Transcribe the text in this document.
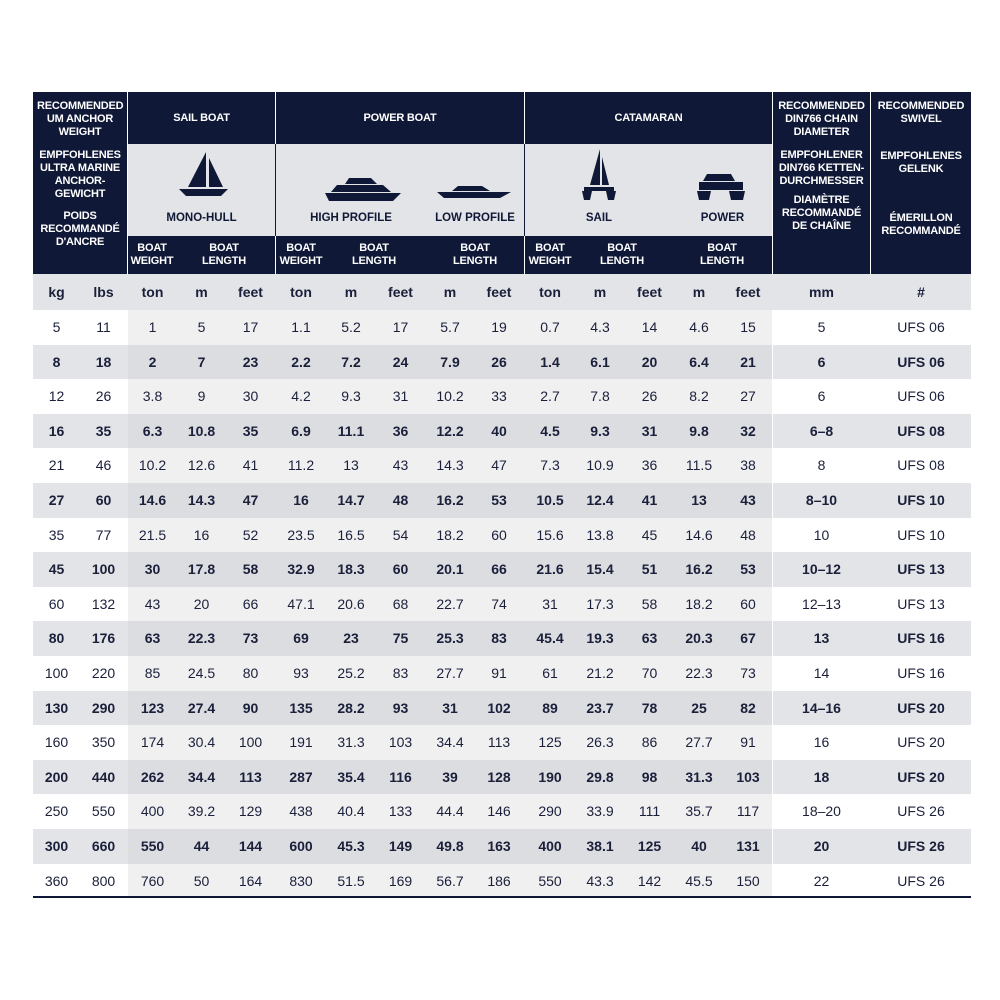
RECOMMENDED UM ANCHOR WEIGHT
EMPFOHLENES ULTRA MARINE ANCHOR-GEWICHT
POIDS RECOMMANDÉ D'ANCRE
SAIL BOAT	POWER BOAT	CATAMARAN
RECOMMENDED DIN766 CHAIN DIAMETER
EMPFOHLENER DIN766 KETTEN-DURCHMESSER
DIAMÈTRE RECOMMANDÉ DE CHAÎNE
RECOMMENDED SWIVEL
EMPFOHLENES GELENK
ÉMERILLON RECOMMANDÉ
MONO-HULL	HIGH PROFILE	LOW PROFILE	SAIL	POWER
BOAT WEIGHT
BOAT LENGTH
BOAT WEIGHT
BOAT LENGTH
BOAT LENGTH
BOAT WEIGHT
BOAT LENGTH
BOAT LENGTH
kg	lbs	ton	m	feet	ton	m	feet	m	feet	ton	m	feet	m	feet	mm	#
5	11	1	5	17	1.1	5.2	17	5.7	19	0.7	4.3	14	4.6	15	5	UFS 06
8	18	2	7	23	2.2	7.2	24	7.9	26	1.4	6.1	20	6.4	21	6	UFS 06
12	26	3.8	9	30	4.2	9.3	31	10.2	33	2.7	7.8	26	8.2	27	6	UFS 06
16	35	6.3	10.8	35	6.9	11.1	36	12.2	40	4.5	9.3	31	9.8	32	6–8	UFS 08
21	46	10.2	12.6	41	11.2	13	43	14.3	47	7.3	10.9	36	11.5	38	8	UFS 08
27	60	14.6	14.3	47	16	14.7	48	16.2	53	10.5	12.4	41	13	43	8–10	UFS 10
35	77	21.5	16	52	23.5	16.5	54	18.2	60	15.6	13.8	45	14.6	48	10	UFS 10
45	100	30	17.8	58	32.9	18.3	60	20.1	66	21.6	15.4	51	16.2	53	10–12	UFS 13
60	132	43	20	66	47.1	20.6	68	22.7	74	31	17.3	58	18.2	60	12–13	UFS 13
80	176	63	22.3	73	69	23	75	25.3	83	45.4	19.3	63	20.3	67	13	UFS 16
100	220	85	24.5	80	93	25.2	83	27.7	91	61	21.2	70	22.3	73	14	UFS 16
130	290	123	27.4	90	135	28.2	93	31	102	89	23.7	78	25	82	14–16	UFS 20
160	350	174	30.4	100	191	31.3	103	34.4	113	125	26.3	86	27.7	91	16	UFS 20
200	440	262	34.4	113	287	35.4	116	39	128	190	29.8	98	31.3	103	18	UFS 20
250	550	400	39.2	129	438	40.4	133	44.4	146	290	33.9	111	35.7	117	18–20	UFS 26
300	660	550	44	144	600	45.3	149	49.8	163	400	38.1	125	40	131	20	UFS 26
360	800	760	50	164	830	51.5	169	56.7	186	550	43.3	142	45.5	150	22	UFS 26
